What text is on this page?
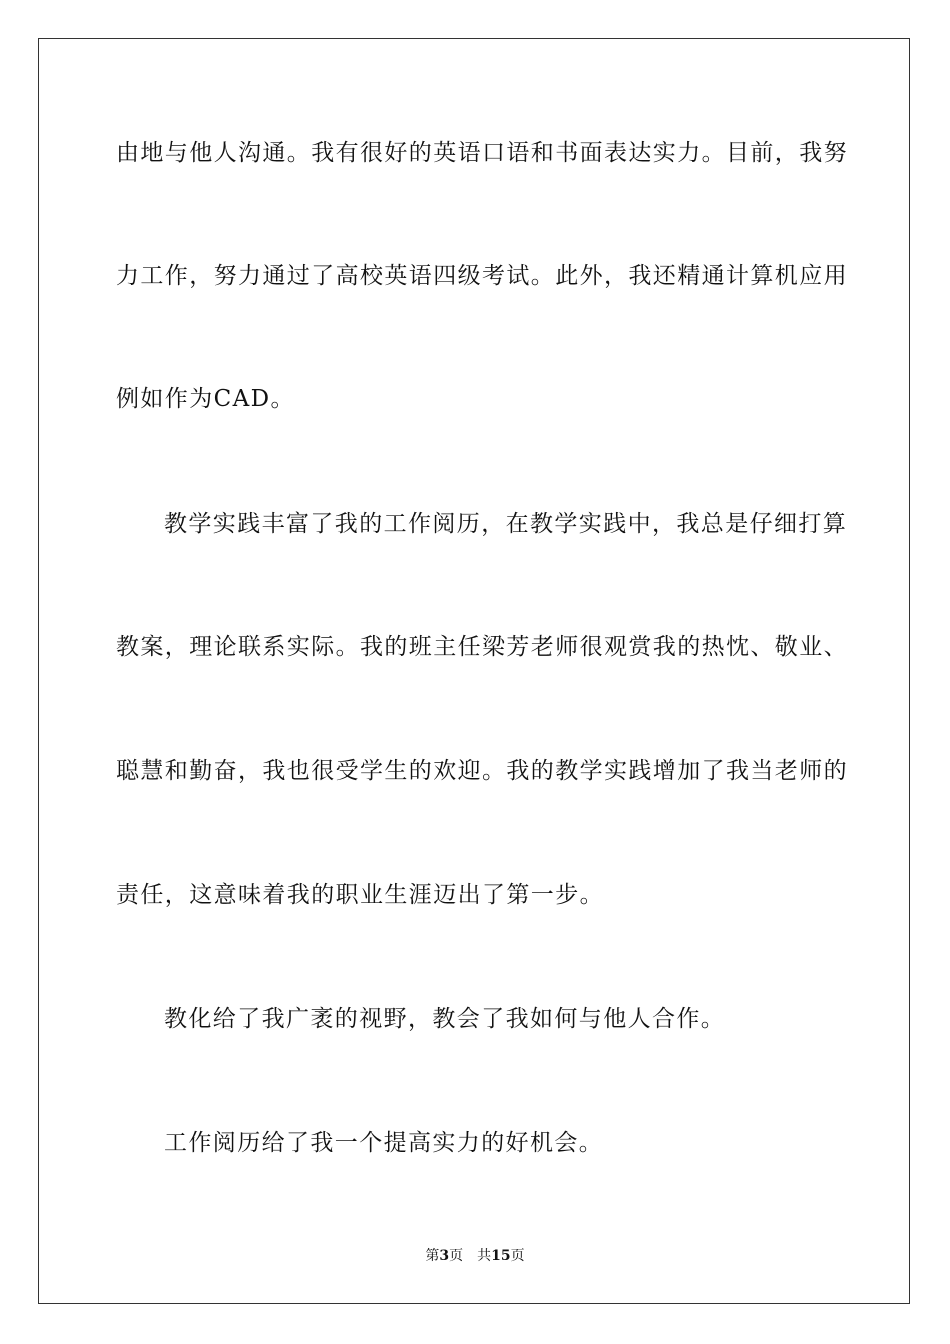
由地与他人沟通。我有很好的英语口语和书面表达实力。目前，我努
力工作，努力通过了高校英语四级考试。此外，我还精通计算机应用
例如作为CAD。
教学实践丰富了我的工作阅历，在教学实践中，我总是仔细打算
教案，理论联系实际。我的班主任梁芳老师很观赏我的热忱、敬业、
聪慧和勤奋，我也很受学生的欢迎。我的教学实践增加了我当老师的
责任，这意味着我的职业生涯迈出了第一步。
教化给了我广袤的视野，教会了我如何与他人合作。
工作阅历给了我一个提高实力的好机会。
第3页 共15页
